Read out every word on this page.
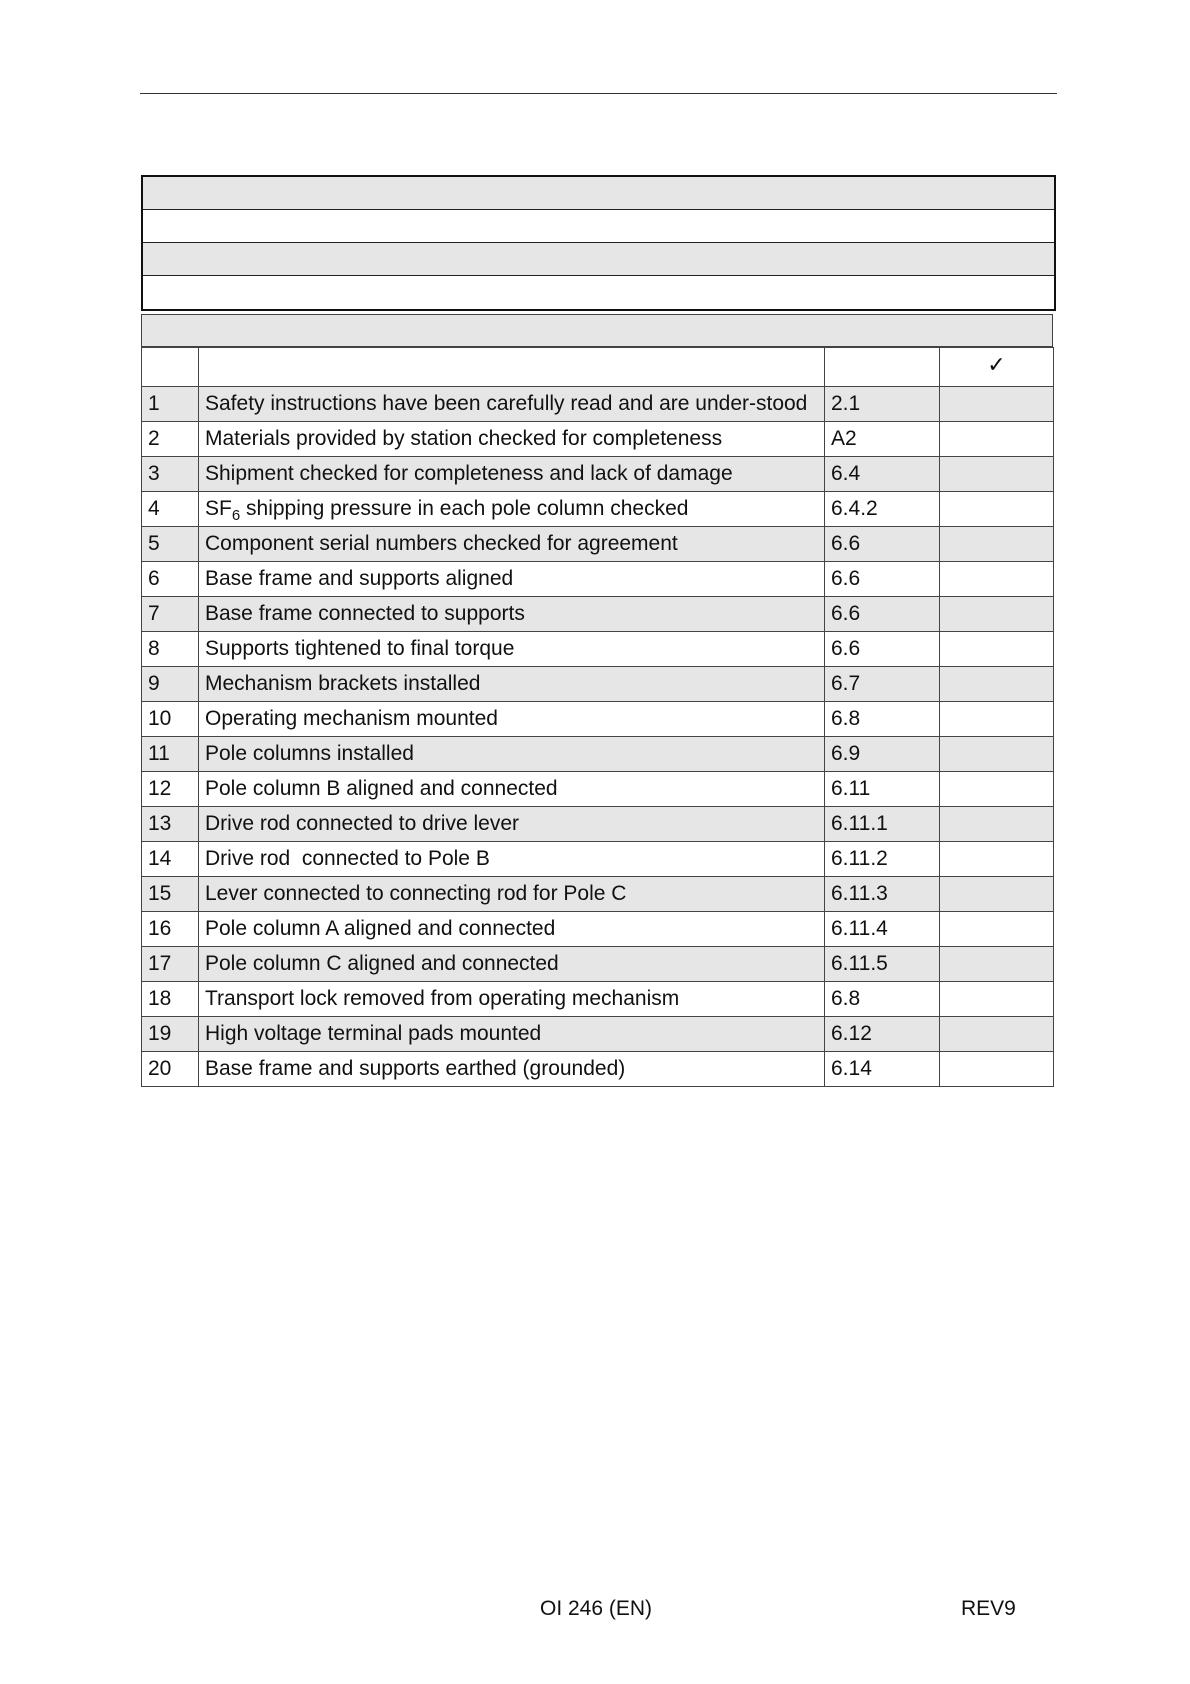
			✓
1	Safety instructions have been carefully read and are under-stood	2.1	
2	Materials provided by station checked for completeness	A2	
3	Shipment checked for completeness and lack of damage	6.4	
4	$SF_6$ shipping pressure in each pole column checked	6.4.2	
5	Component serial numbers checked for agreement	6.6	
6	Base frame and supports aligned	6.6	
7	Base frame connected to supports	6.6	
8	Supports tightened to final torque	6.6	
9	Mechanism brackets installed	6.7	
10	Operating mechanism mounted	6.8	
11	Pole columns installed	6.9	
12	Pole column B aligned and connected	6.11	
13	Drive rod connected to drive lever	6.11.1	
14	Drive rod  connected to Pole B	6.11.2	
15	Lever connected to connecting rod for Pole C	6.11.3	
16	Pole column A aligned and connected	6.11.4	
17	Pole column C aligned and connected	6.11.5	
18	Transport lock removed from operating mechanism	6.8	
19	High voltage terminal pads mounted	6.12	
20	Base frame and supports earthed (grounded)	6.14	
OI 246 (EN)	REV9
